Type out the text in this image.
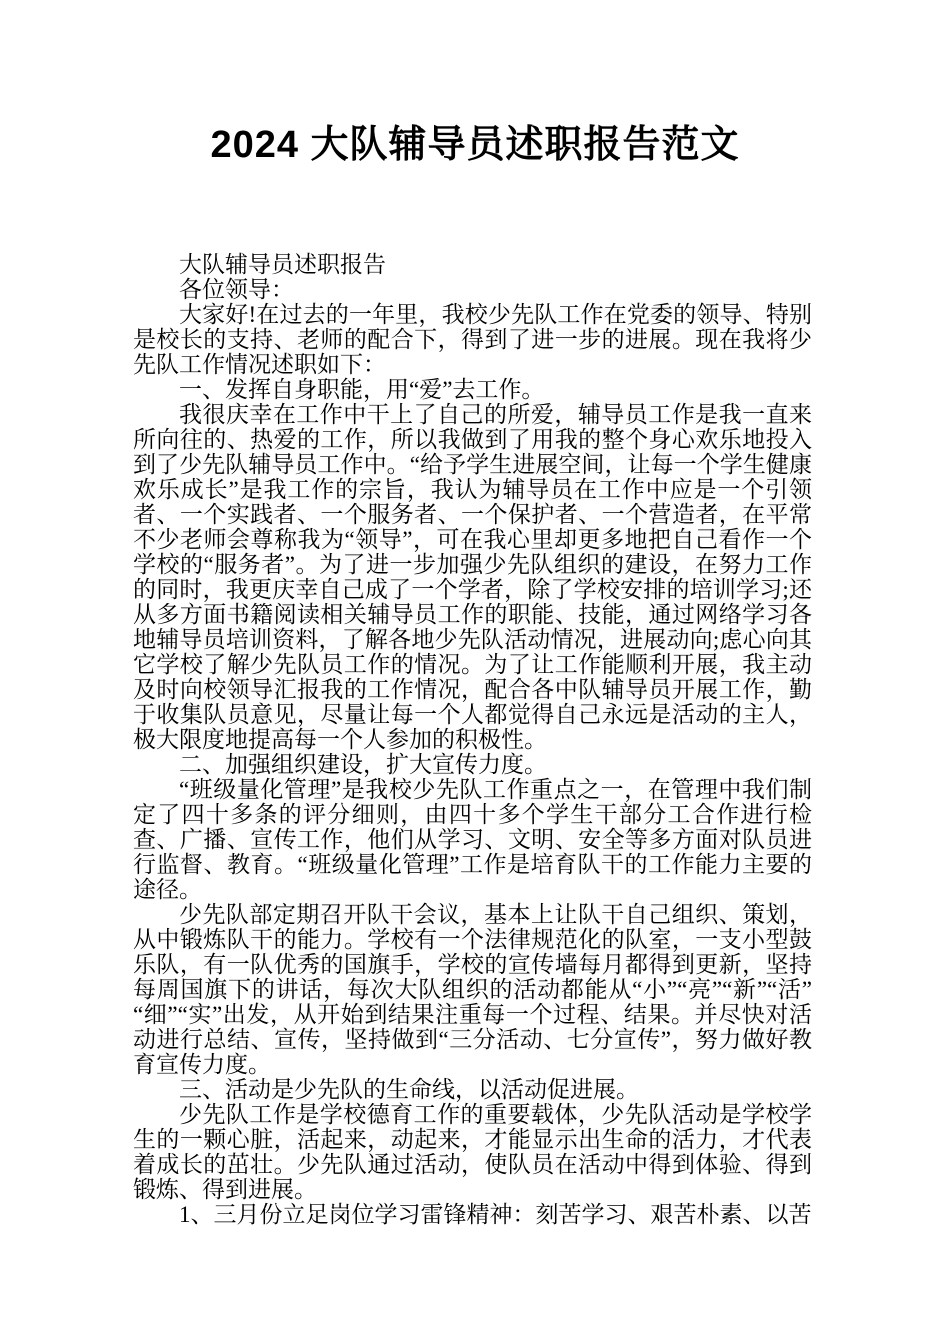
2024 大队辅导员述职报告范文

大队辅导员述职报告

各位领导：

大家好!在过去的一年里，我校少先队工作在党委的领导、特别是校长的支持、老师的配合下，得到了进一步的进展。现在我将少先队工作情况述职如下：

一、发挥自身职能，用“爱”去工作。

我很庆幸在工作中干上了自己的所爱，辅导员工作是我一直来所向往的、热爱的工作，所以我做到了用我的整个身心欢乐地投入到了少先队辅导员工作中。“给予学生进展空间，让每一个学生健康欢乐成长”是我工作的宗旨，我认为辅导员在工作中应是一个引领者、一个实践者、一个服务者、一个保护者、一个营造者，在平常不少老师会尊称我为“领导”，可在我心里却更多地把自己看作一个学校的“服务者”。为了进一步加强少先队组织的建设，在努力工作的同时，我更庆幸自己成了一个学者，除了学校安排的培训学习;还从多方面书籍阅读相关辅导员工作的职能、技能，通过网络学习各地辅导员培训资料，了解各地少先队活动情况，进展动向;虑心向其它学校了解少先队员工作的情况。为了让工作能顺利开展，我主动及时向校领导汇报我的工作情况，配合各中队辅导员开展工作，勤于收集队员意见，尽量让每一个人都觉得自己永远是活动的主人，极大限度地提高每一个人参加的积极性。

二、加强组织建设，扩大宣传力度。

“班级量化管理”是我校少先队工作重点之一，在管理中我们制定了四十多条的评分细则，由四十多个学生干部分工合作进行检查、广播、宣传工作，他们从学习、文明、安全等多方面对队员进行监督、教育。“班级量化管理”工作是培育队干的工作能力主要的途径。

少先队部定期召开队干会议，基本上让队干自己组织、策划，从中锻炼队干的能力。学校有一个法律规范化的队室，一支小型鼓乐队，有一队优秀的国旗手，学校的宣传墙每月都得到更新，坚持每周国旗下的讲话，每次大队组织的活动都能从“小”“亮”“新”“活”“细”“实”出发，从开始到结果注重每一个过程、结果。并尽快对活动进行总结、宣传，坚持做到“三分活动、七分宣传”，努力做好教育宣传力度。

三、活动是少先队的生命线，以活动促进展。

少先队工作是学校德育工作的重要载体，少先队活动是学校学生的一颗心脏，活起来，动起来，才能显示出生命的活力，才代表着成长的茁壮。少先队通过活动，使队员在活动中得到体验、得到锻炼、得到进展。

1、三月份立足岗位学习雷锋精神：刻苦学习、艰苦朴素、以苦
